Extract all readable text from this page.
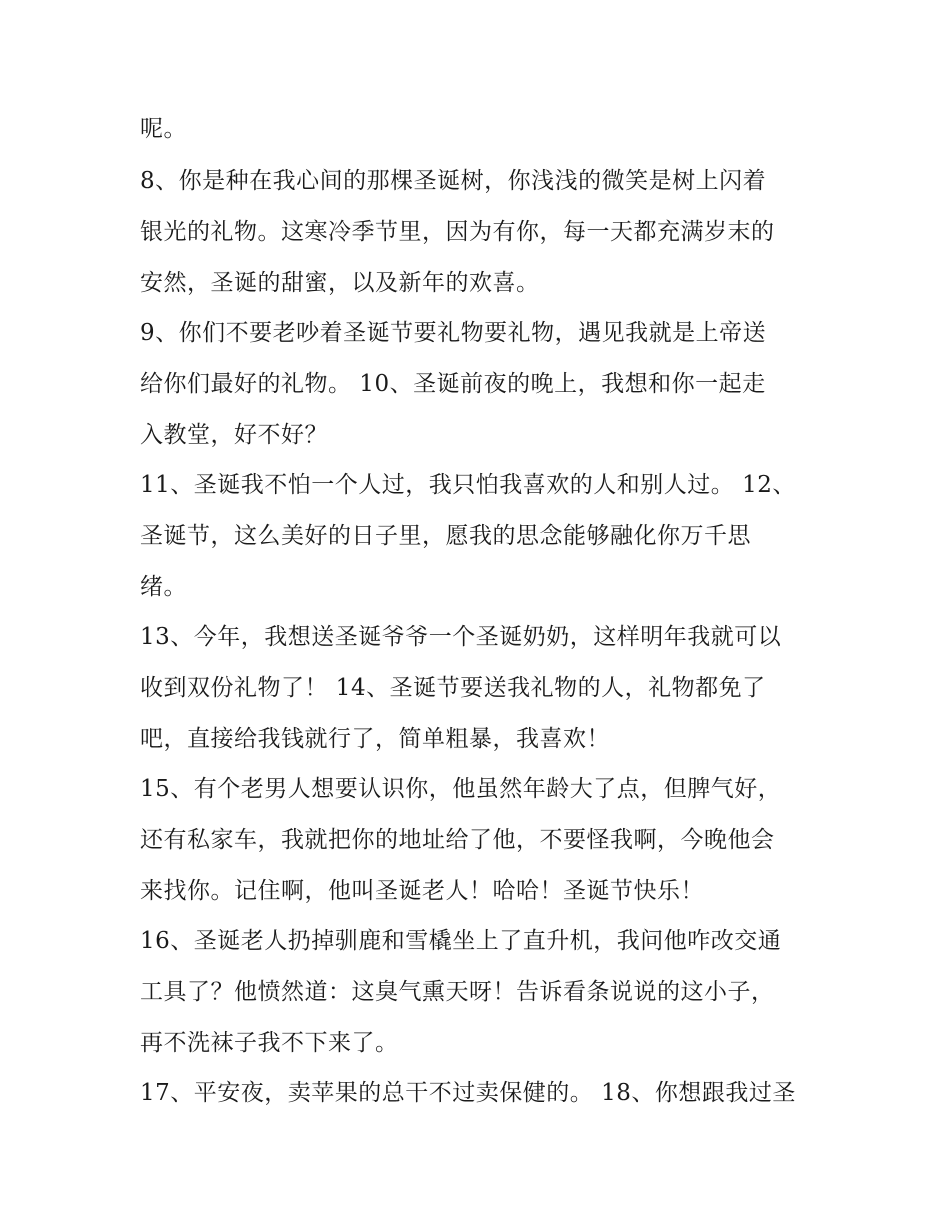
呢。
8、你是种在我心间的那棵圣诞树，你浅浅的微笑是树上闪着
银光的礼物。这寒冷季节里，因为有你，每一天都充满岁末的
安然，圣诞的甜蜜，以及新年的欢喜。
9、你们不要老吵着圣诞节要礼物要礼物，遇见我就是上帝送
给你们最好的礼物。 10、圣诞前夜的晚上，我想和你一起走
入教堂，好不好？
11、圣诞我不怕一个人过，我只怕我喜欢的人和别人过。 12、
圣诞节，这么美好的日子里，愿我的思念能够融化你万千思
绪。
13、今年，我想送圣诞爷爷一个圣诞奶奶，这样明年我就可以
收到双份礼物了！ 14、圣诞节要送我礼物的人，礼物都免了
吧，直接给我钱就行了，简单粗暴，我喜欢！
15、有个老男人想要认识你，他虽然年龄大了点，但脾气好，
还有私家车，我就把你的地址给了他，不要怪我啊，今晚他会
来找你。记住啊，他叫圣诞老人！哈哈！圣诞节快乐！
16、圣诞老人扔掉驯鹿和雪橇坐上了直升机，我问他咋改交通
工具了？他愤然道：这臭气熏天呀！告诉看条说说的这小子，
再不洗袜子我不下来了。
17、平安夜，卖苹果的总干不过卖保健的。 18、你想跟我过圣
